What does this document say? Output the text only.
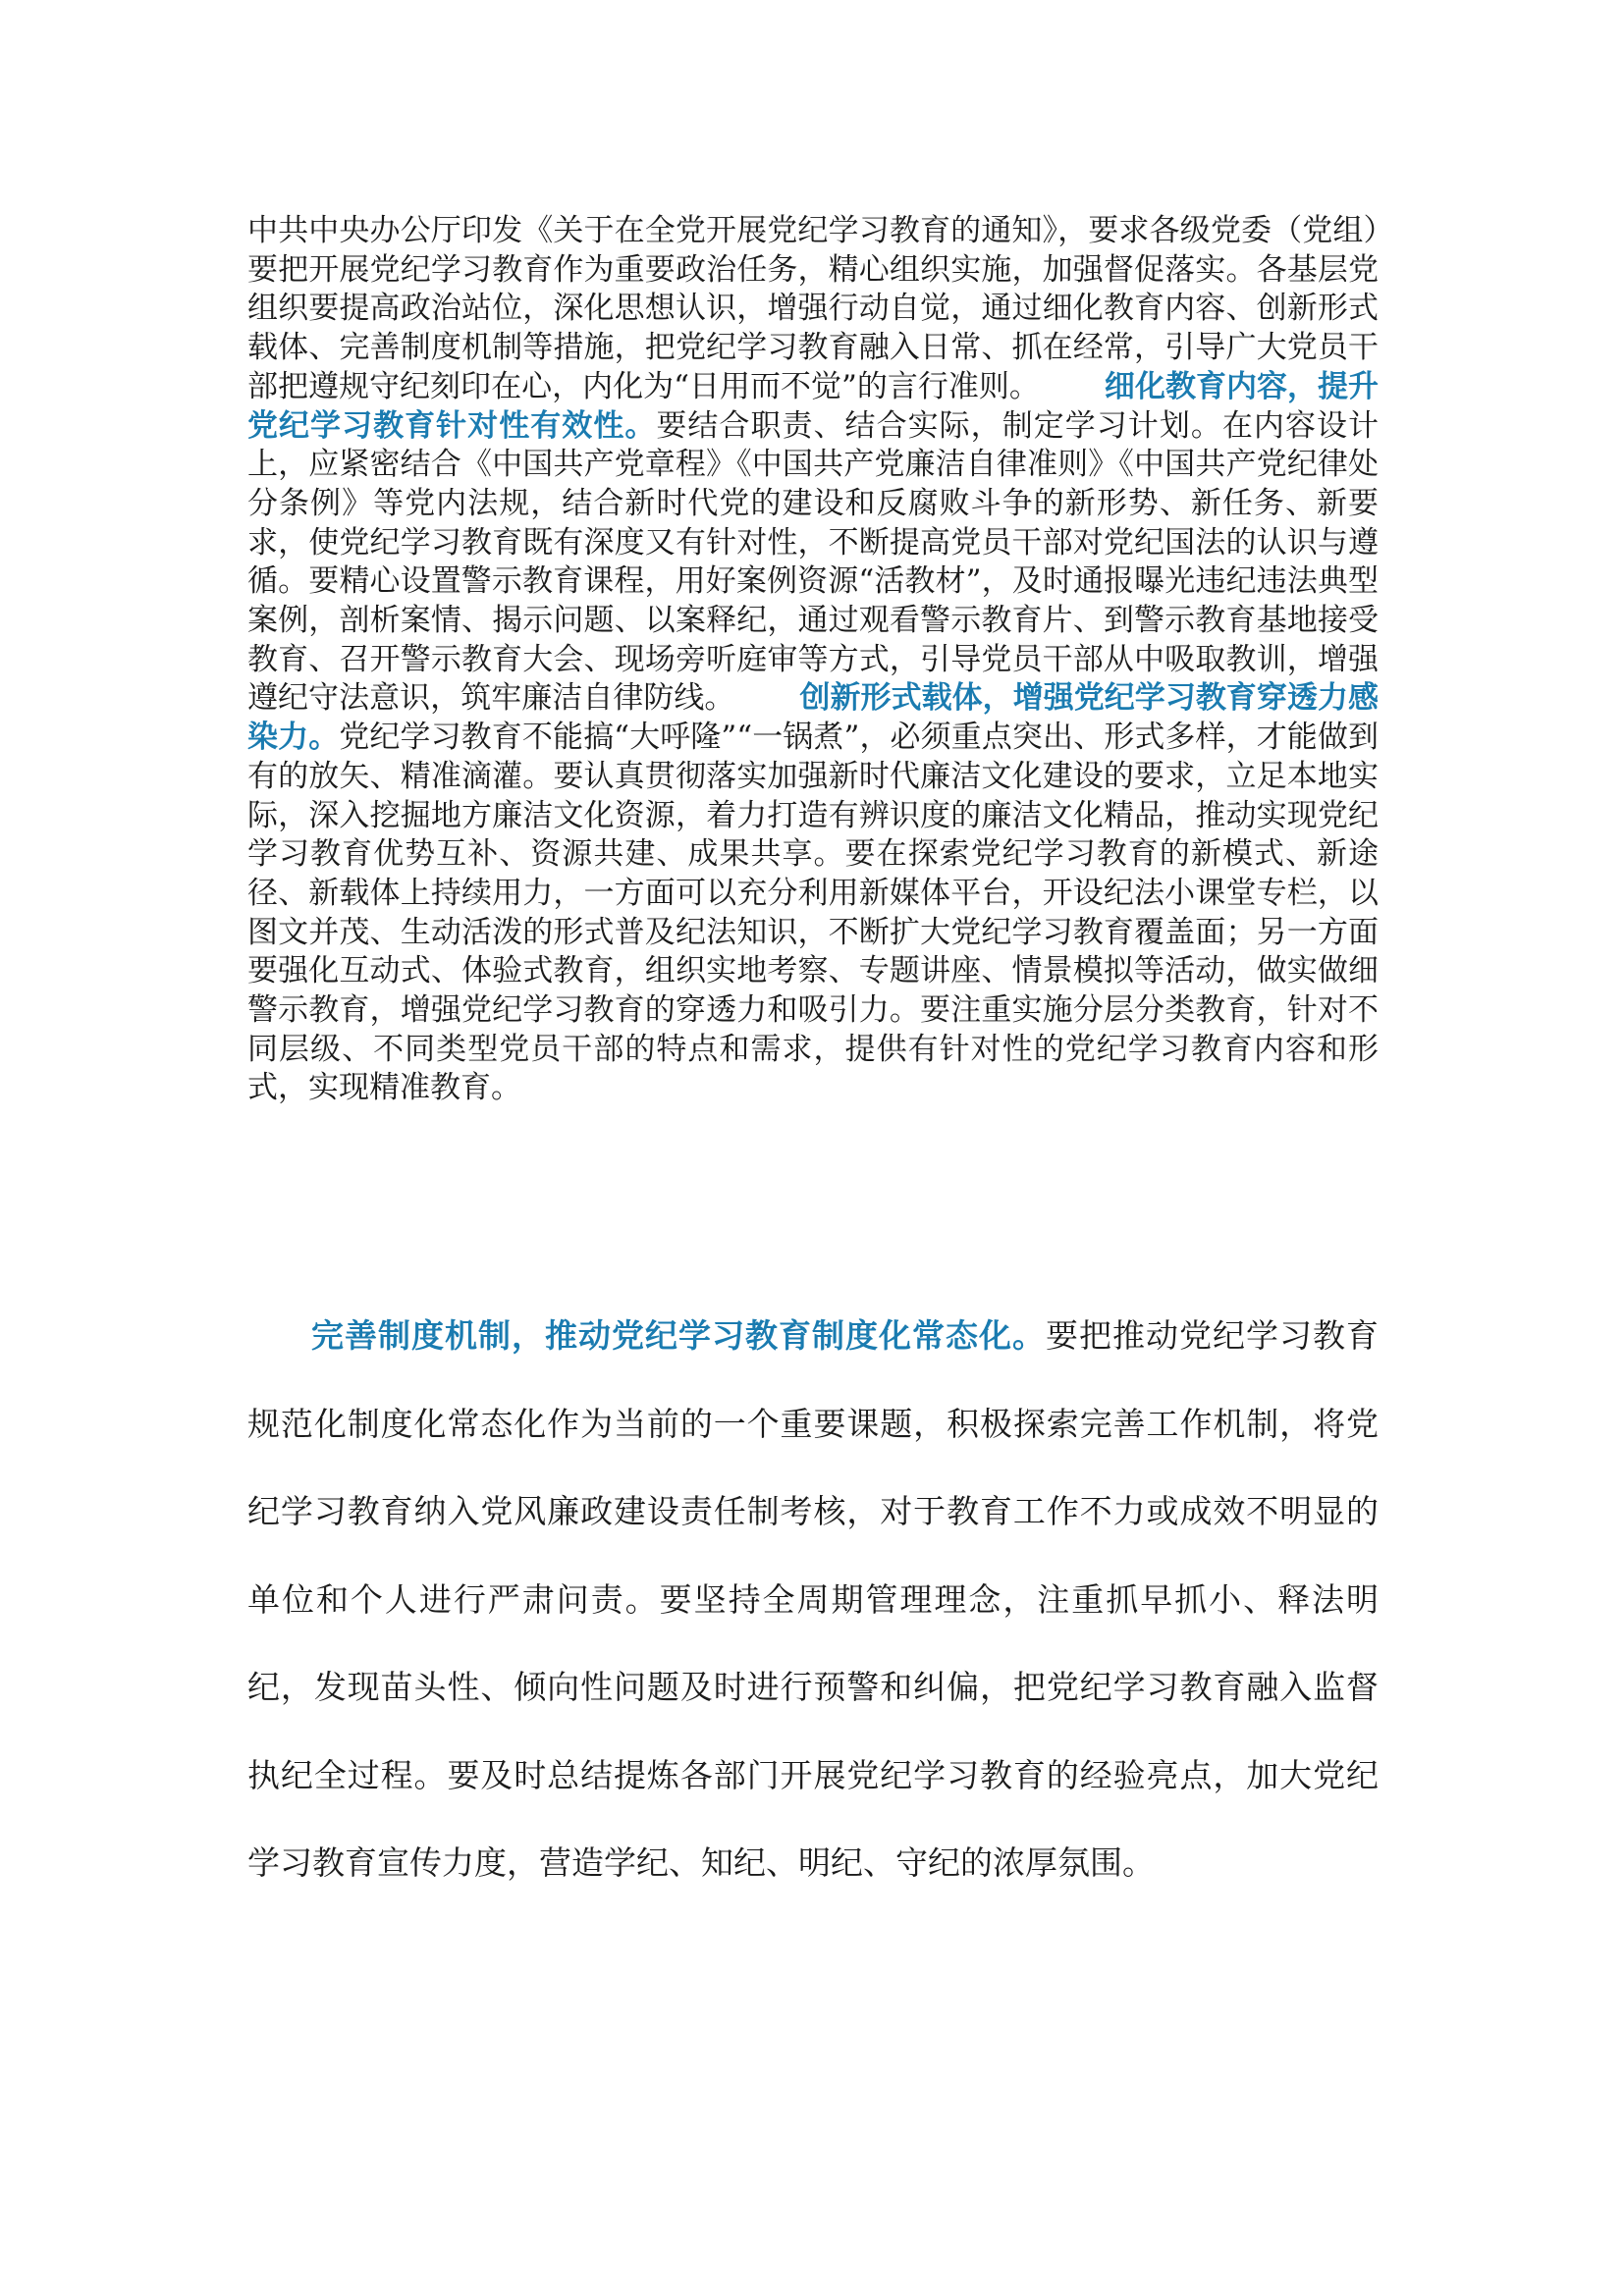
中共中央办公厅印发《关于在全党开展党纪学习教育的通知》，要求各级党委（党组）要把开展党纪学习教育作为重要政治任务，精心组织实施，加强督促落实。各基层党组织要提高政治站位，深化思想认识，增强行动自觉，通过细化教育内容、创新形式载体、完善制度机制等措施，把党纪学习教育融入日常、抓在经常，引导广大党员干部把遵规守纪刻印在心，内化为“日用而不觉”的言行准则。 细化教育内容，提升党纪学习教育针对性有效性。要结合职责、结合实际，制定学习计划。在内容设计上，应紧密结合《中国共产党章程》《中国共产党廉洁自律准则》《中国共产党纪律处分条例》等党内法规，结合新时代党的建设和反腐败斗争的新形势、新任务、新要求，使党纪学习教育既有深度又有针对性，不断提高党员干部对党纪国法的认识与遵循。要精心设置警示教育课程，用好案例资源“活教材”，及时通报曝光违纪违法典型案例，剖析案情、揭示问题、以案释纪，通过观看警示教育片、到警示教育基地接受教育、召开警示教育大会、现场旁听庭审等方式，引导党员干部从中吸取教训，增强遵纪守法意识，筑牢廉洁自律防线。 创新形式载体，增强党纪学习教育穿透力感染力。党纪学习教育不能搞“大呼隆”“一锅煮”，必须重点突出、形式多样，才能做到有的放矢、精准滴灌。要认真贯彻落实加强新时代廉洁文化建设的要求，立足本地实际，深入挖掘地方廉洁文化资源，着力打造有辨识度的廉洁文化精品，推动实现党纪学习教育优势互补、资源共建、成果共享。要在探索党纪学习教育的新模式、新途径、新载体上持续用力，一方面可以充分利用新媒体平台，开设纪法小课堂专栏，以图文并茂、生动活泼的形式普及纪法知识，不断扩大党纪学习教育覆盖面；另一方面要强化互动式、体验式教育，组织实地考察、专题讲座、情景模拟等活动，做实做细警示教育，增强党纪学习教育的穿透力和吸引力。要注重实施分层分类教育，针对不同层级、不同类型党员干部的特点和需求，提供有针对性的党纪学习教育内容和形式，实现精准教育。

完善制度机制，推动党纪学习教育制度化常态化。要把推动党纪学习教育规范化制度化常态化作为当前的一个重要课题，积极探索完善工作机制，将党纪学习教育纳入党风廉政建设责任制考核，对于教育工作不力或成效不明显的单位和个人进行严肃问责。要坚持全周期管理理念，注重抓早抓小、释法明纪，发现苗头性、倾向性问题及时进行预警和纠偏，把党纪学习教育融入监督执纪全过程。要及时总结提炼各部门开展党纪学习教育的经验亮点，加大党纪学习教育宣传力度，营造学纪、知纪、明纪、守纪的浓厚氛围。
